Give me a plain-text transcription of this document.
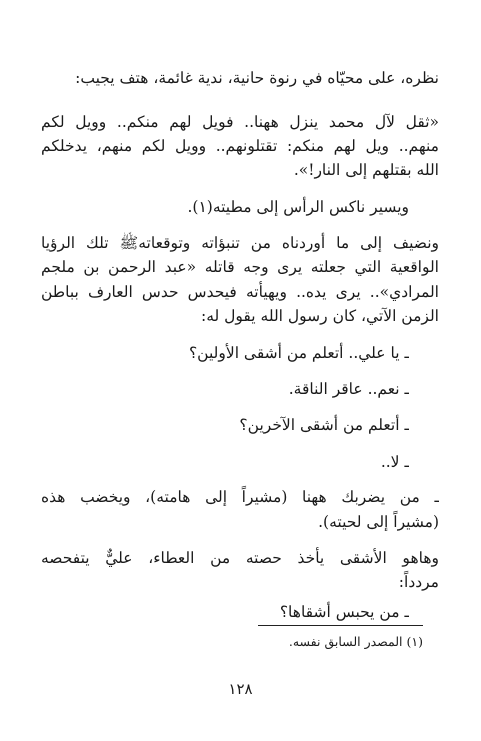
نظره، على محيّاه في رنوة حانية، ندية غائمة، هتف يجيب:
«ثقل لآل محمد ينزل ههنا.. فويل لهم منكم.. وويل لكم
منهم.. ويل لهم منكم: تقتلونهم.. وويل لكم منهم، يدخلكم
الله بقتلهم إلى النار!».
ويسير ناكس الرأس إلى مطيته(١).
ونضيف إلى ما أوردناه من تنبؤاته وتوقعاتهﷺ تلك الرؤيا
الواقعية التي جعلته يرى وجه قاتله «عبد الرحمن بن ملجم
المرادي».. يرى يده.. ويهيأته فيحدس حدس العارف بباطن
الزمن الآتي، كان رسول الله يقول له:
ـ يا علي.. أتعلم من أشقى الأولين؟
ـ نعم.. عاقر الناقة.
ـ أتعلم من أشقى الآخرين؟
ـ لا..
ـ من يضربك ههنا (مشيراً إلى هامته)، ويخضب هذه
(مشيراً إلى لحيته).
وهاهو الأشقى يأخذ حصته من العطاء، عليٌّ يتفحصه
مردداً:
ـ من يحبس أشقاها؟
(١) المصدر السابق نفسه.
١٢٨
